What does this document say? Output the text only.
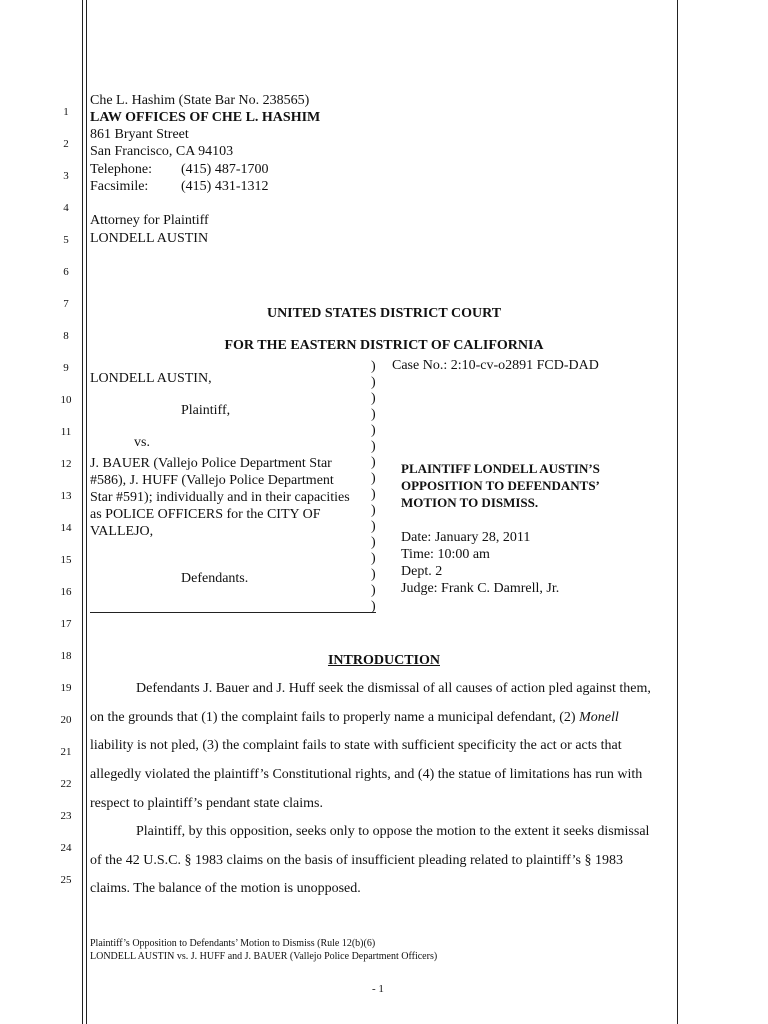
1
2
3
4
5
6
7
8
9
10
11
12
13
14
15
16
17
18
19
20
21
22
23
24
25
Che L. Hashim (State Bar No. 238565)
LAW OFFICES OF CHE L. HASHIM
861 Bryant Street
San Francisco, CA 94103
Telephone: (415) 487-1700
Facsimile: (415) 431-1312
Attorney for Plaintiff
LONDELL AUSTIN
UNITED STATES DISTRICT COURT
FOR THE EASTERN DISTRICT OF CALIFORNIA
LONDELL AUSTIN,
Plaintiff,
vs.
J. BAUER (Vallejo Police Department Star
#586), J. HUFF (Vallejo Police Department
Star #591); individually and in their capacities
as POLICE OFFICERS for the CITY OF
VALLEJO,
Defendants.
)
)
)
)
)
)
)
)
)
)
)
)
)
)
)
)
Case No.: 2:10-cv-o2891 FCD-DAD
PLAINTIFF LONDELL AUSTIN’S
OPPOSITION TO DEFENDANTS’
MOTION TO DISMISS.
Date: January 28, 2011
Time: 10:00 am
Dept. 2
Judge: Frank C. Damrell, Jr.
INTRODUCTION
Defendants J. Bauer and J. Huff seek the dismissal of all causes of action pled against them, on the grounds that (1) the complaint fails to properly name a municipal defendant, (2) Monell liability is not pled, (3) the complaint fails to state with sufficient specificity the act or acts that allegedly violated the plaintiff’s Constitutional rights, and (4) the statue of limitations has run with respect to plaintiff’s pendant state claims.
Plaintiff, by this opposition, seeks only to oppose the motion to the extent it seeks dismissal of the 42 U.S.C. § 1983 claims on the basis of insufficient pleading related to plaintiff’s § 1983 claims. The balance of the motion is unopposed.
Plaintiff’s Opposition to Defendants’ Motion to Dismiss (Rule 12(b)(6)
LONDELL AUSTIN vs. J. HUFF and J. BAUER (Vallejo Police Department Officers)
- 1
